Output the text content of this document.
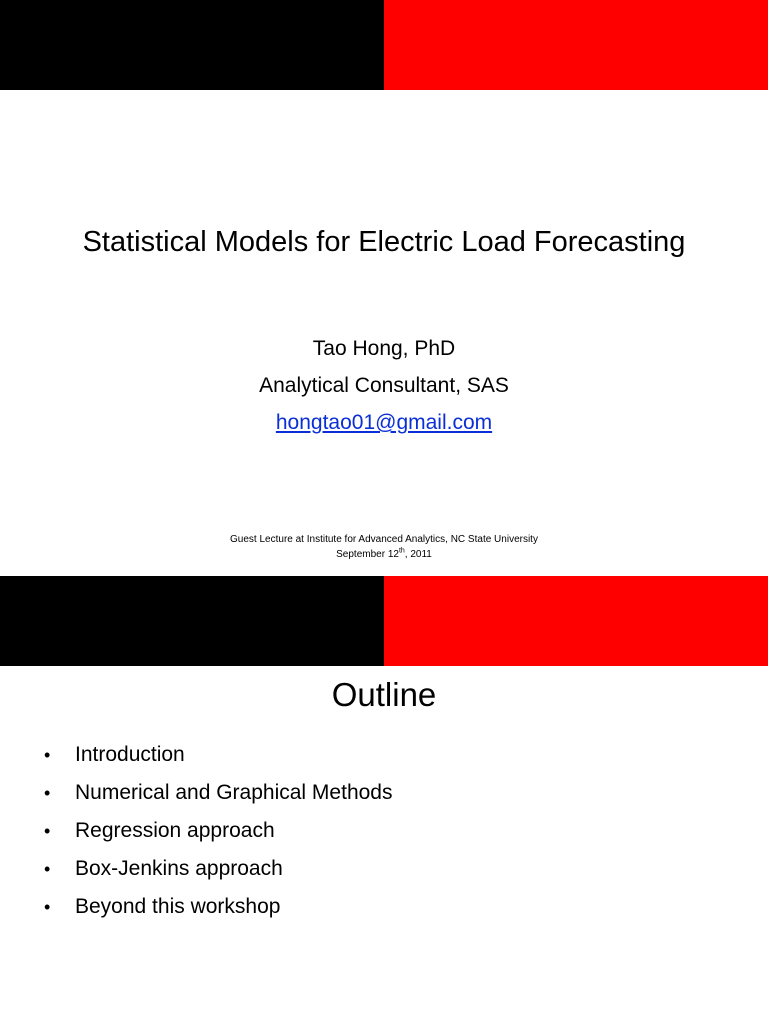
Statistical Models for Electric Load Forecasting
Tao Hong, PhD
Analytical Consultant, SAS
hongtao01@gmail.com
Guest Lecture at Institute for Advanced Analytics, NC State University
September 12th, 2011
Outline
•	Introduction
•	Numerical and Graphical Methods
•	Regression approach
•	Box-Jenkins approach
•	Beyond this workshop
